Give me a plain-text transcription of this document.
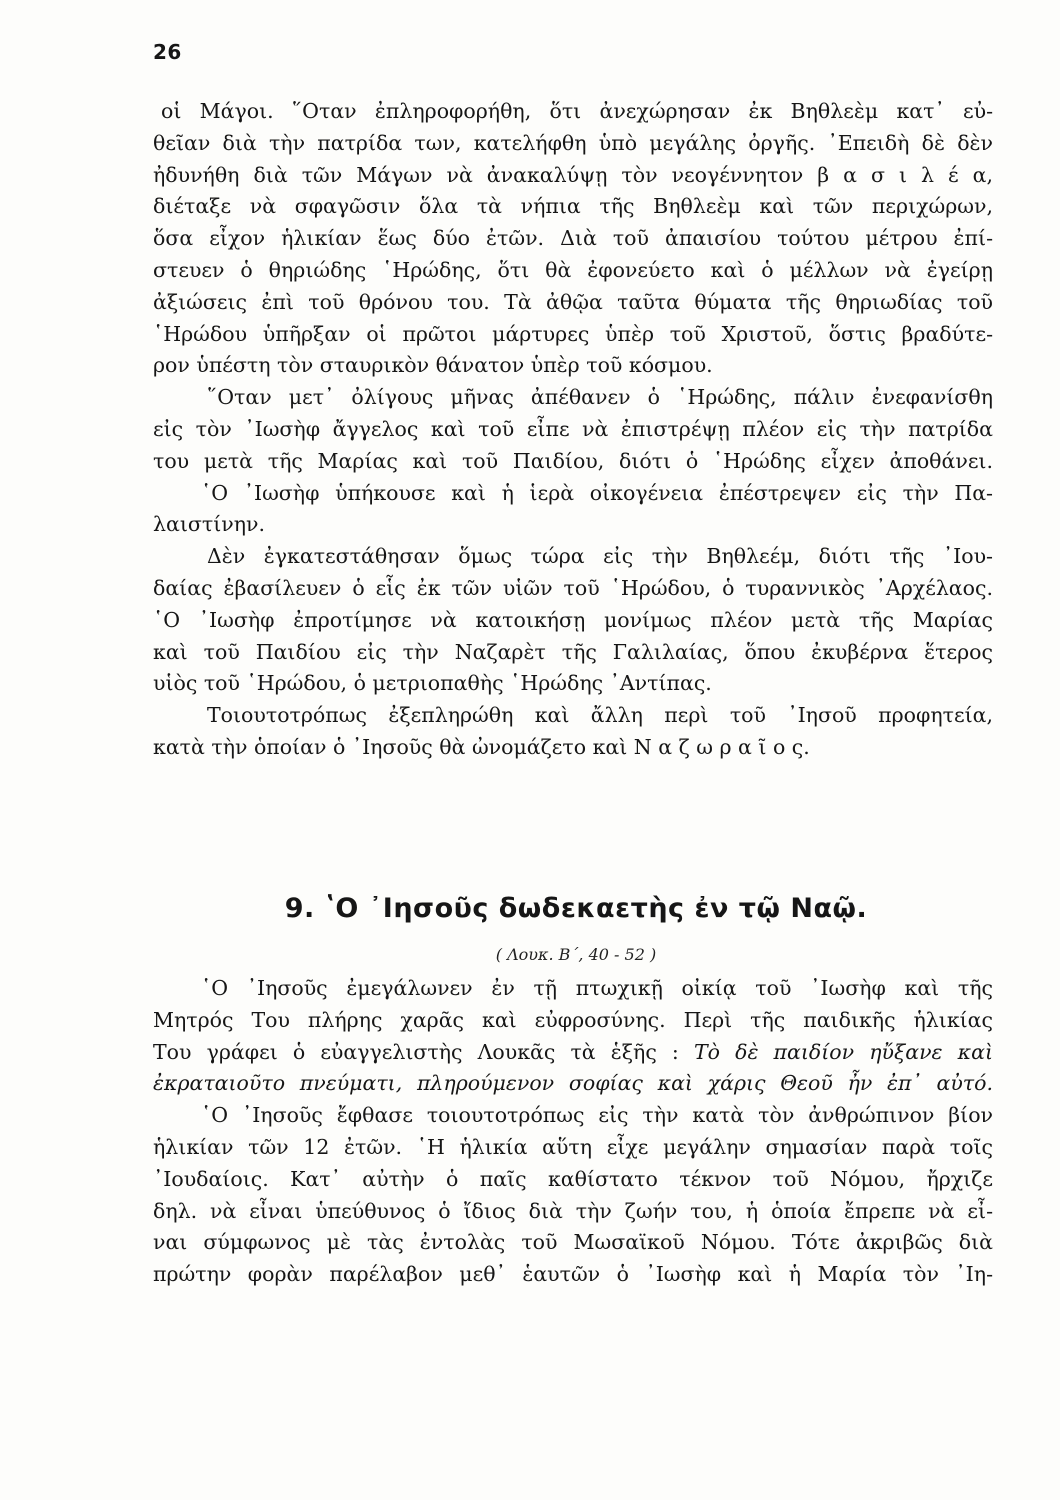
26
οἱ Μάγοι. ῞Οταν ἐπληροφορήθη, ὅτι ἀνεχώρησαν ἐκ Βηθλεὲμ κατ᾿ εὐ-
θεῖαν διὰ τὴν πατρίδα των, κατελήφθη ὑπὸ μεγάλης ὀργῆς. ᾿Επειδὴ δὲ δὲν
ἠδυνήθη διὰ τῶν Μάγων νὰ ἀνακαλύψῃ τὸν νεογέννητον β α σ ι λ έ α,
διέταξε νὰ σφαγῶσιν ὅλα τὰ νήπια τῆς Βηθλεὲμ καὶ τῶν περιχώρων,
ὅσα εἶχον ἡλικίαν ἕως δύο ἐτῶν. Διὰ τοῦ ἀπαισίου τούτου μέτρου ἐπί-
στευεν ὁ θηριώδης ῾Ηρώδης, ὅτι θὰ ἐφονεύετο καὶ ὁ μέλλων νὰ ἐγείρῃ
ἀξιώσεις ἐπὶ τοῦ θρόνου του. Τὰ ἀθῷα ταῦτα θύματα τῆς θηριωδίας τοῦ
῾Ηρώδου ὑπῆρξαν οἱ πρῶτοι μάρτυρες ὑπὲρ τοῦ Χριστοῦ, ὅστις βραδύτε-
ρον ὑπέστη τὸν σταυρικὸν θάνατον ὑπὲρ τοῦ κόσμου.
῞Οταν μετ᾿ ὀλίγους μῆνας ἀπέθανεν ὁ ῾Ηρώδης, πάλιν ἐνεφανίσθη
εἰς τὸν ᾿Ιωσὴφ ἄγγελος καὶ τοῦ εἶπε νὰ ἐπιστρέψῃ πλέον εἰς τὴν πατρίδα
του μετὰ τῆς Μαρίας καὶ τοῦ Παιδίου, διότι ὁ ῾Ηρώδης εἶχεν ἀποθάνει.
῾Ο ᾿Ιωσὴφ ὑπήκουσε καὶ ἡ ἱερὰ οἰκογένεια ἐπέστρεψεν εἰς τὴν Πα-
λαιστίνην.
Δὲν ἐγκατεστάθησαν ὅμως τώρα εἰς τὴν Βηθλεέμ, διότι τῆς ᾿Ιου-
δαίας ἐβασίλευεν ὁ εἷς ἐκ τῶν υἱῶν τοῦ ῾Ηρώδου, ὁ τυραννικὸς ᾿Αρχέλαος.
῾Ο ᾿Ιωσὴφ ἐπροτίμησε νὰ κατοικήσῃ μονίμως πλέον μετὰ τῆς Μαρίας
καὶ τοῦ Παιδίου εἰς τὴν Ναζαρὲτ τῆς Γαλιλαίας, ὅπου ἐκυβέρνα ἕτερος
υἱὸς τοῦ ῾Ηρώδου, ὁ μετριοπαθὴς ῾Ηρώδης ᾿Αντίπας.
Τοιουτοτρόπως ἐξεπληρώθη καὶ ἄλλη περὶ τοῦ ᾿Ιησοῦ προφητεία,
κατὰ τὴν ὁποίαν ὁ ᾿Ιησοῦς θὰ ὠνομάζετο καὶ Ν α ζ ω ρ α ῖ ο ς.
9. ʽΟ ᾿Ιησοῦς δωδεκαετὴς ἐν τῷ Ναῷ.
( Λουκ. Β΄, 40 - 52 )
῾Ο ᾿Ιησοῦς ἐμεγάλωνεν ἐν τῇ πτωχικῇ οἰκίᾳ τοῦ ᾿Ιωσὴφ καὶ τῆς
Μητρός Του πλήρης χαρᾶς καὶ εὐφροσύνης. Περὶ τῆς παιδικῆς ἡλικίας
Του γράφει ὁ εὐαγγελιστὴς Λουκᾶς τὰ ἑξῆς : Τὸ δὲ παιδίον ηὔξανε καὶ
ἐκραταιοῦτο πνεύματι, πληρούμενον σοφίας καὶ χάρις Θεοῦ ἦν ἐπ᾿ αὐτό.
῾Ο ᾿Ιησοῦς ἔφθασε τοιουτοτρόπως εἰς τὴν κατὰ τὸν ἀνθρώπινον βίον
ἡλικίαν τῶν 12 ἐτῶν. ῾Η ἡλικία αὕτη εἶχε μεγάλην σημασίαν παρὰ τοῖς
᾿Ιουδαίοις. Κατ᾿ αὐτὴν ὁ παῖς καθίστατο τέκνον τοῦ Νόμου, ἤρχιζε
δηλ. νὰ εἶναι ὑπεύθυνος ὁ ἴδιος διὰ τὴν ζωήν του, ἡ ὁποία ἔπρεπε νὰ εἶ-
ναι σύμφωνος μὲ τὰς ἐντολὰς τοῦ Μωσαϊκοῦ Νόμου. Τότε ἀκριβῶς διὰ
πρώτην φορὰν παρέλαβον μεθ᾿ ἑαυτῶν ὁ ᾿Ιωσὴφ καὶ ἡ Μαρία τὸν ᾿Ιη-
